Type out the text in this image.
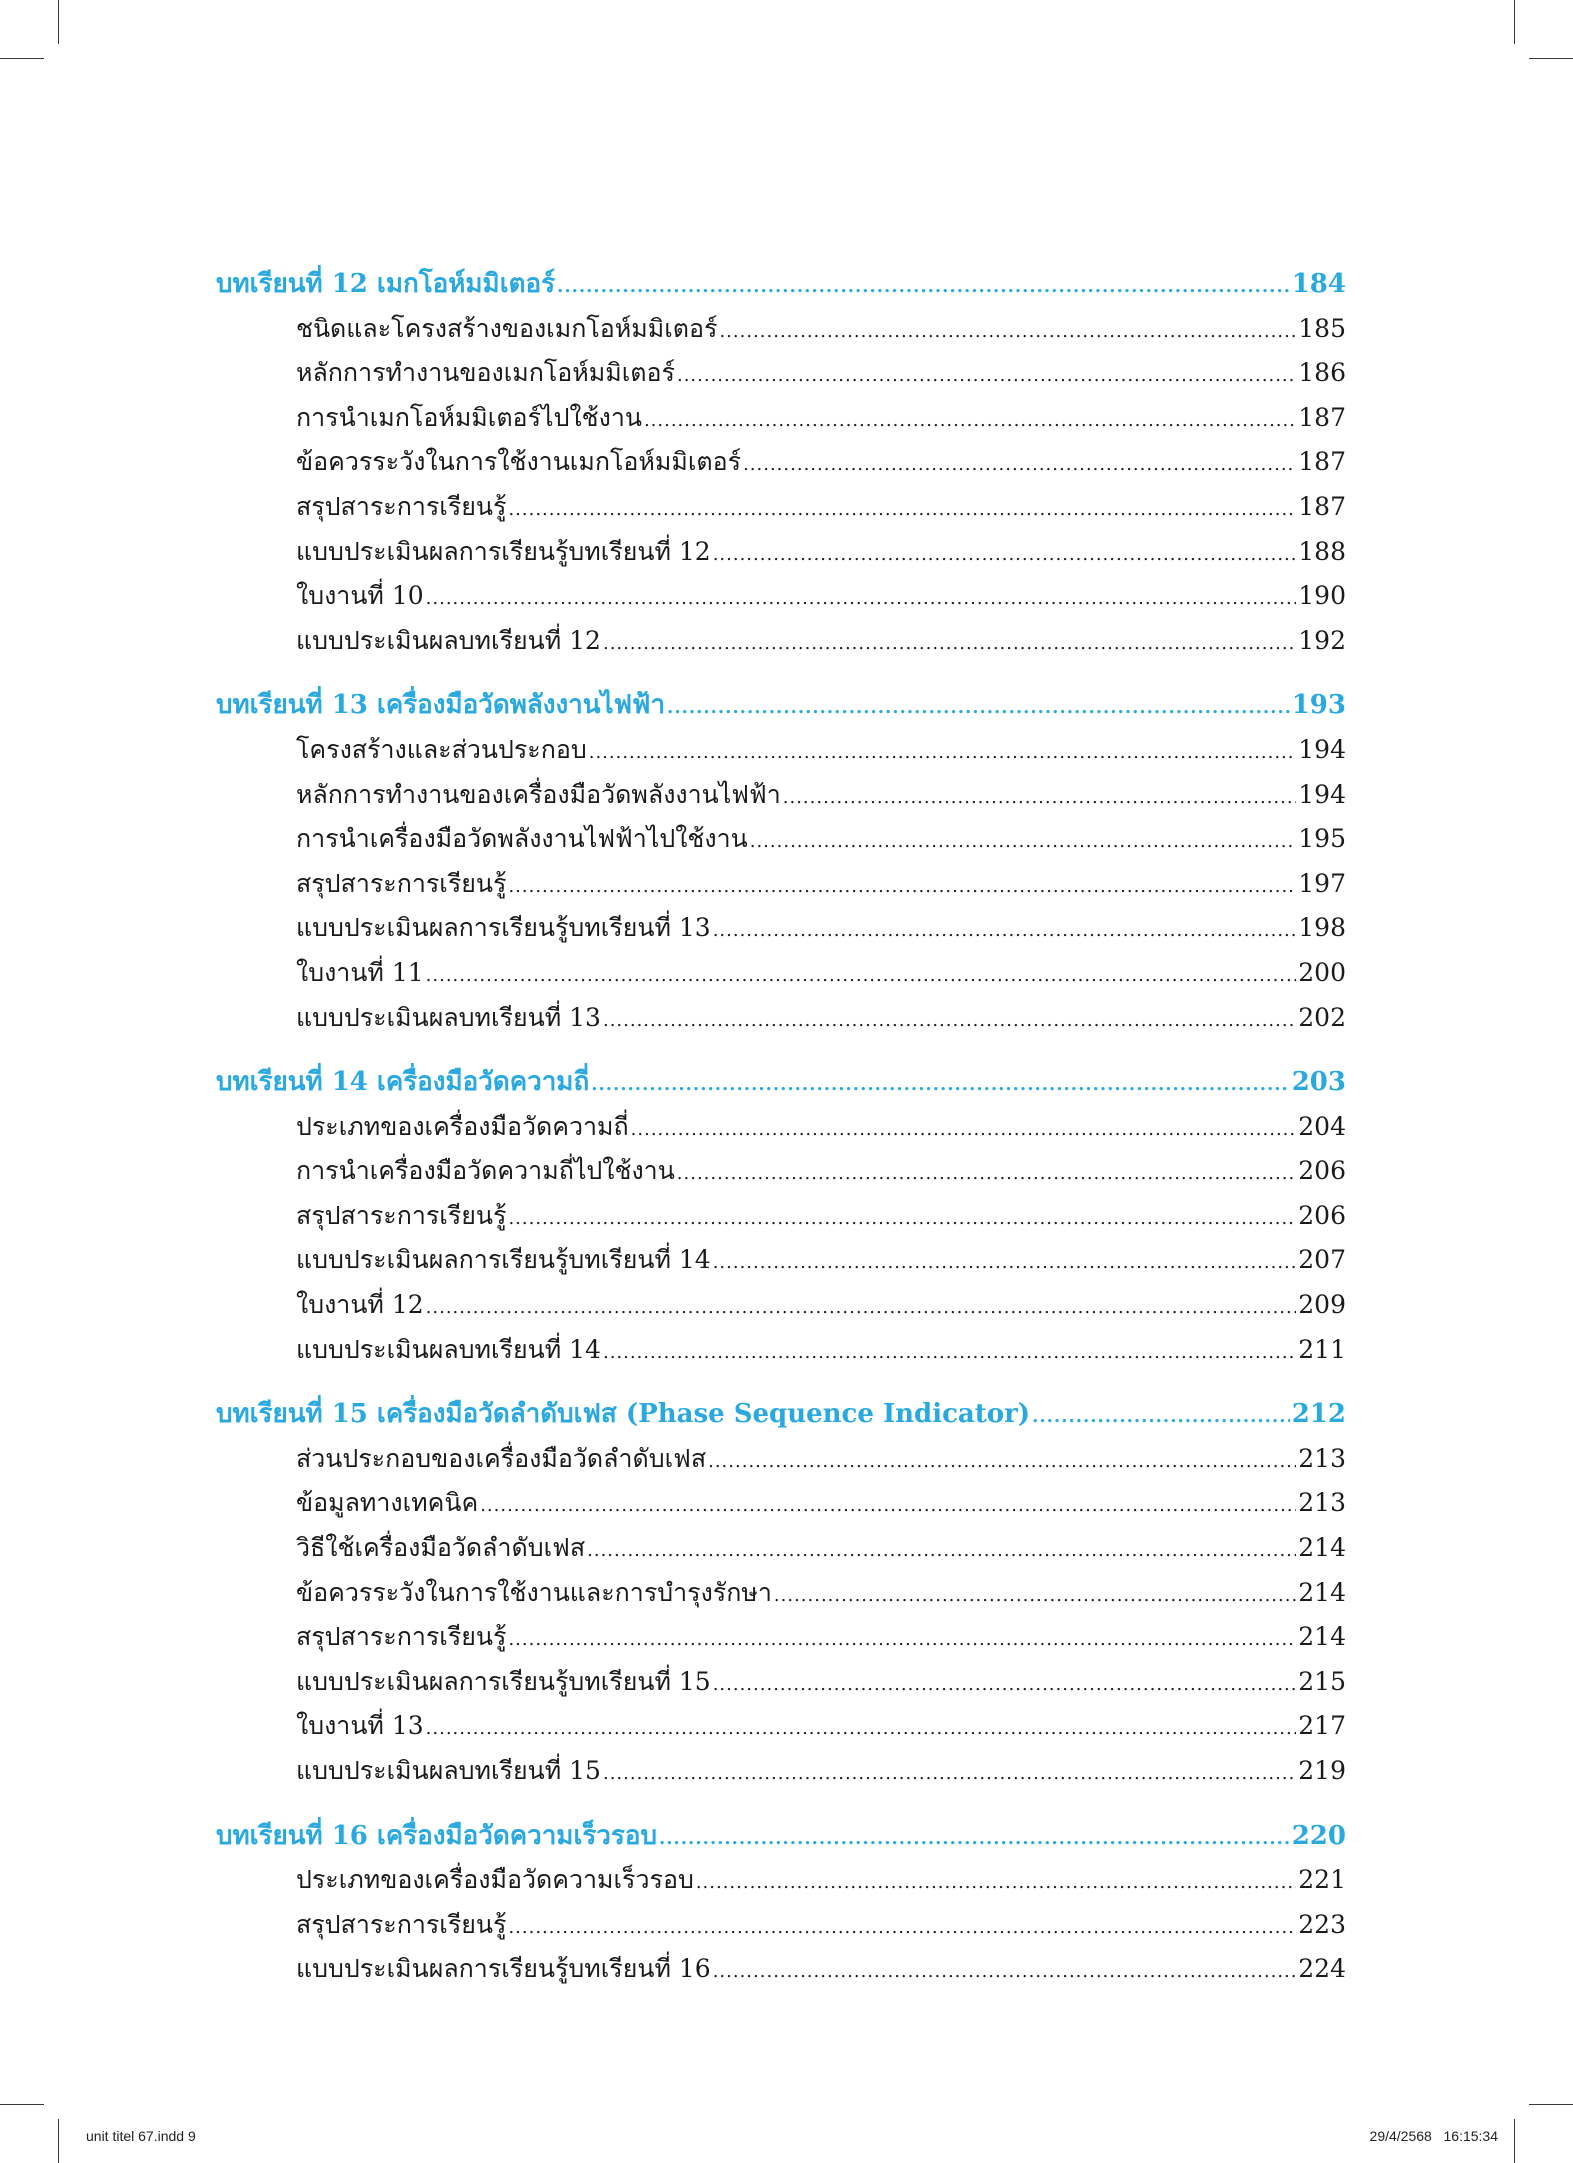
บทเรียนที่ 12 เมกโอห์มมิเตอร์ .....	184
ชนิดและโครงสร้างของเมกโอห์มมิเตอร์ .....	185
หลักการทำงานของเมกโอห์มมิเตอร์ .....	186
การนำเมกโอห์มมิเตอร์ไปใช้งาน .....	187
ข้อควรระวังในการใช้งานเมกโอห์มมิเตอร์ .....	187
สรุปสาระการเรียนรู้ .....	187
แบบประเมินผลการเรียนรู้บทเรียนที่ 12 .....	188
ใบงานที่ 10 .....	190
แบบประเมินผลบทเรียนที่ 12 .....	192
บทเรียนที่ 13 เครื่องมือวัดพลังงานไฟฟ้า .....	193
โครงสร้างและส่วนประกอบ .....	194
หลักการทำงานของเครื่องมือวัดพลังงานไฟฟ้า .....	194
การนำเครื่องมือวัดพลังงานไฟฟ้าไปใช้งาน .....	195
สรุปสาระการเรียนรู้ .....	197
แบบประเมินผลการเรียนรู้บทเรียนที่ 13 .....	198
ใบงานที่ 11 .....	200
แบบประเมินผลบทเรียนที่ 13 .....	202
บทเรียนที่ 14 เครื่องมือวัดความถี่ .....	203
ประเภทของเครื่องมือวัดความถี่ .....	204
การนำเครื่องมือวัดความถี่ไปใช้งาน .....	206
สรุปสาระการเรียนรู้ .....	206
แบบประเมินผลการเรียนรู้บทเรียนที่ 14 .....	207
ใบงานที่ 12 .....	209
แบบประเมินผลบทเรียนที่ 14 .....	211
บทเรียนที่ 15 เครื่องมือวัดลำดับเฟส (Phase Sequence Indicator) .....	212
ส่วนประกอบของเครื่องมือวัดลำดับเฟส .....	213
ข้อมูลทางเทคนิค .....	213
วิธีใช้เครื่องมือวัดลำดับเฟส .....	214
ข้อควรระวังในการใช้งานและการบำรุงรักษา .....	214
สรุปสาระการเรียนรู้ .....	214
แบบประเมินผลการเรียนรู้บทเรียนที่ 15 .....	215
ใบงานที่ 13 .....	217
แบบประเมินผลบทเรียนที่ 15 .....	219
บทเรียนที่ 16 เครื่องมือวัดความเร็วรอบ .....	220
ประเภทของเครื่องมือวัดความเร็วรอบ .....	221
สรุปสาระการเรียนรู้ .....	223
แบบประเมินผลการเรียนรู้บทเรียนที่ 16 .....	224
unit titel 67.indd 9	29/4/2568   16:15:34
